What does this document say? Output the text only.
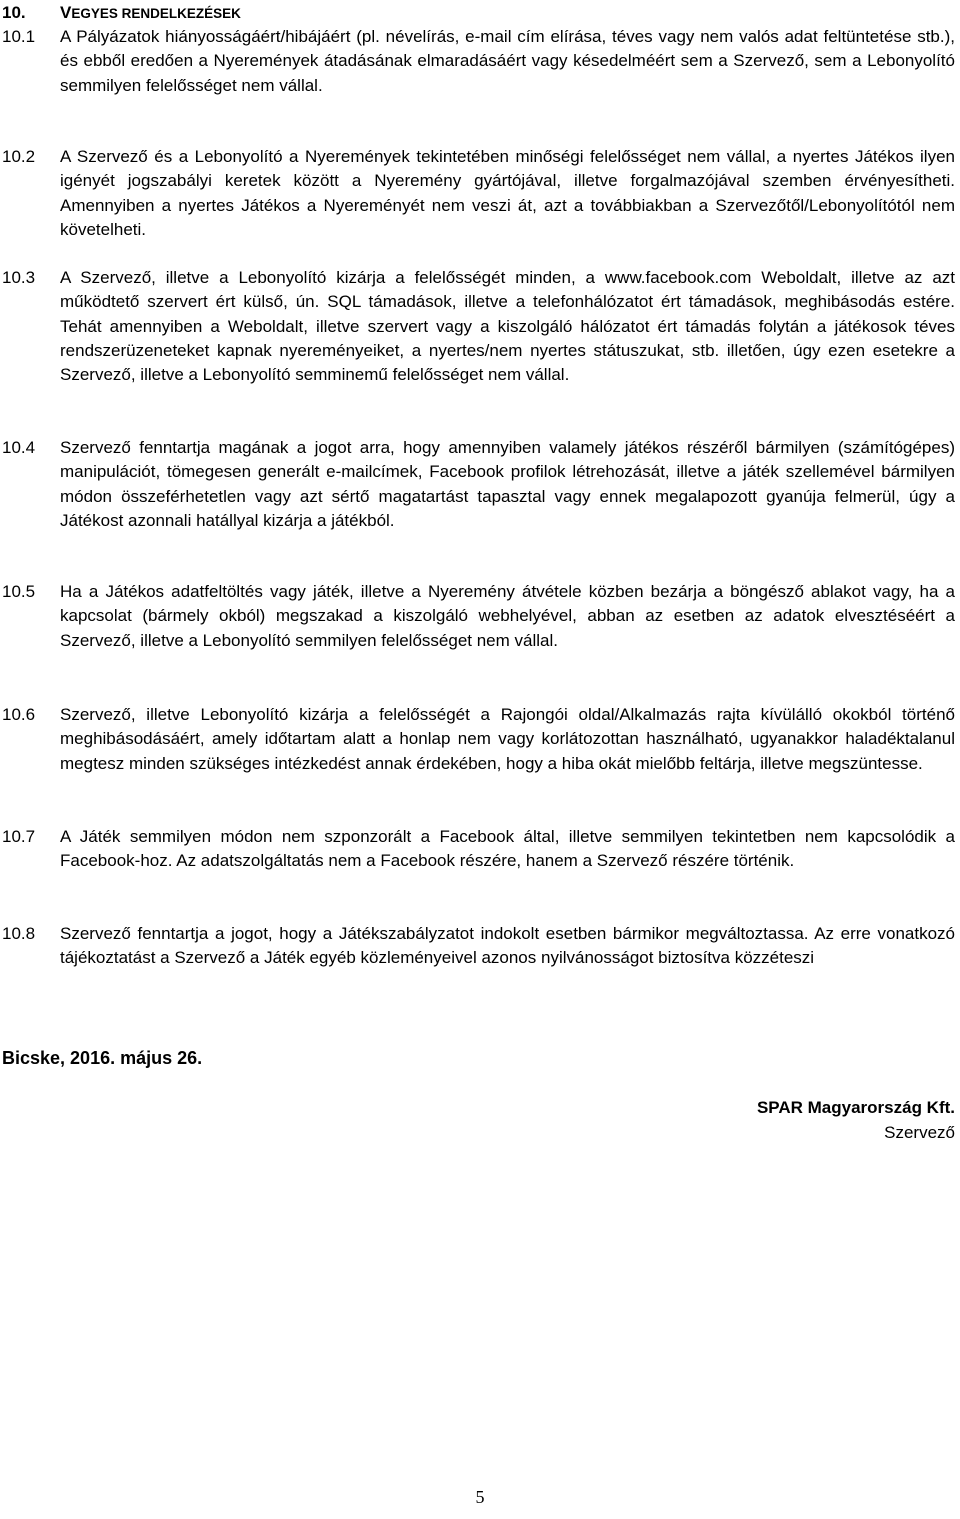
10. VEGYES RENDELKEZÉSEK
10.1	A Pályázatok hiányosságáért/hibájáért (pl. névelírás, e-mail cím elírása, téves vagy nem valós adat feltüntetése stb.), és ebből eredően a Nyeremények átadásának elmaradásáért vagy késedelméért sem a Szervező, sem a Lebonyolító semmilyen felelősséget nem vállal.
10.2	A Szervező és a Lebonyolító a Nyeremények tekintetében minőségi felelősséget nem vállal, a nyertes Játékos ilyen igényét jogszabályi keretek között a Nyeremény gyártójával, illetve forgalmazójával szemben érvényesítheti. Amennyiben a nyertes Játékos a Nyereményét nem veszi át, azt a továbbiakban a Szervezőtől/Lebonyolítótól nem követelheti.
10.3	A Szervező, illetve a Lebonyolító kizárja a felelősségét minden, a www.facebook.com Weboldalt, illetve az azt működtető szervert ért külső, ún. SQL támadások, illetve a telefonhálózatot ért támadások, meghibásodás estére. Tehát amennyiben a Weboldalt, illetve szervert vagy a kiszolgáló hálózatot ért támadás folytán a játékosok téves rendszerüzeneteket kapnak nyereményeiket, a nyertes/nem nyertes státuszukat, stb. illetően, úgy ezen esetekre a Szervező, illetve a Lebonyolító semminemű felelősséget nem vállal.
10.4	Szervező fenntartja magának a jogot arra, hogy amennyiben valamely játékos részéről bármilyen (számítógépes) manipulációt, tömegesen generált e-mailcímek, Facebook profilok létrehozását, illetve a játék szellemével bármilyen módon összeférhetetlen vagy azt sértő magatartást tapasztal vagy ennek megalapozott gyanúja felmerül, úgy a Játékost azonnali hatállyal kizárja a játékból.
10.5	Ha a Játékos adatfeltöltés vagy játék, illetve a Nyeremény átvétele közben bezárja a böngésző ablakot vagy, ha a kapcsolat (bármely okból) megszakad a kiszolgáló webhelyével, abban az esetben az adatok elvesztéséért a Szervező, illetve a Lebonyolító semmilyen felelősséget nem vállal.
10.6	Szervező, illetve Lebonyolító kizárja a felelősségét a Rajongói oldal/Alkalmazás rajta kívülálló okokból történő meghibásodásáért, amely időtartam alatt a honlap nem vagy korlátozottan használható, ugyanakkor haladéktalanul megtesz minden szükséges intézkedést annak érdekében, hogy a hiba okát mielőbb feltárja, illetve megszüntesse.
10.7	A Játék semmilyen módon nem szponzorált a Facebook által, illetve semmilyen tekintetben nem kapcsolódik a Facebook-hoz. Az adatszolgáltatás nem a Facebook részére, hanem a Szervező részére történik.
10.8	Szervező fenntartja a jogot, hogy a Játékszabályzatot indokolt esetben bármikor megváltoztassa. Az erre vonatkozó tájékoztatást a Szervező a Játék egyéb közleményeivel azonos nyilvánosságot biztosítva közzéteszi
Bicske, 2016. május 26.
SPAR Magyarország Kft.
Szervező
5
